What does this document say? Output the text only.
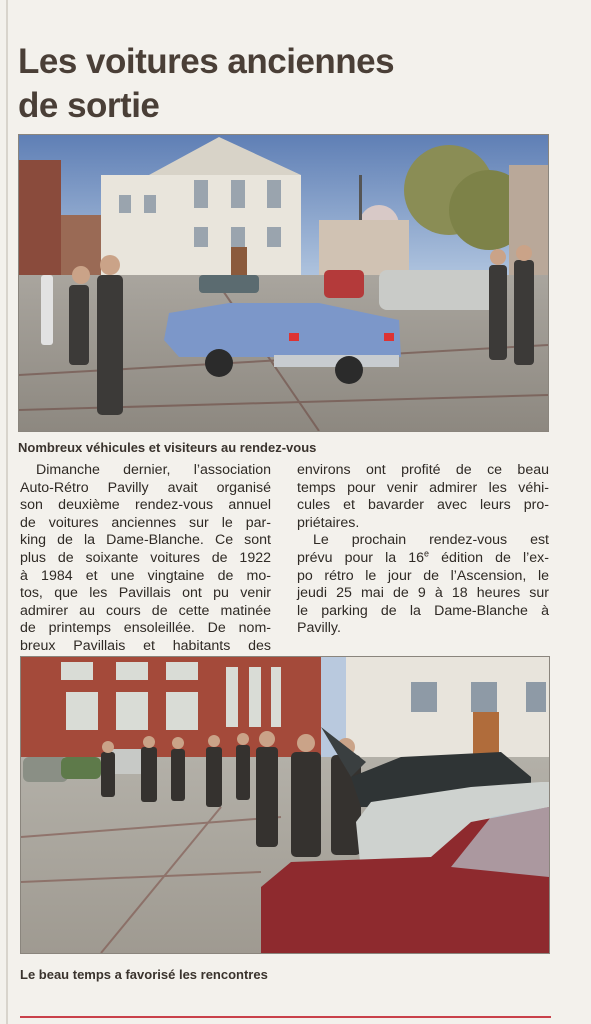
Les voitures anciennes
de sortie
Nombreux véhicules et visiteurs au rendez-vous

Dimanche dernier, l’association

Auto-Rétro Pavilly avait organisé
son deuxième rendez-vous annuel
de voitures anciennes sur le par-
king de la Dame-Blanche. Ce sont
plus de soixante voitures de 1922
à 1984 et une vingtaine de mo-
tos, que les Pavillais ont pu venir
admirer au cours de cette matinée
de printemps ensoleillée. De nom-
breux Pavillais et habitants des

environs ont profité de ce beau
temps pour venir admirer les véhi-
cules et bavarder avec leurs pro-
priétaires.

Le prochain rendez-vous est
prévu pour la 16e édition de l’ex-
po rétro le jour de l’Ascension, le
jeudi 25 mai de 9 à 18 heures sur
le parking de la Dame-Blanche à
Pavilly.

Le beau temps a favorisé les rencontres
